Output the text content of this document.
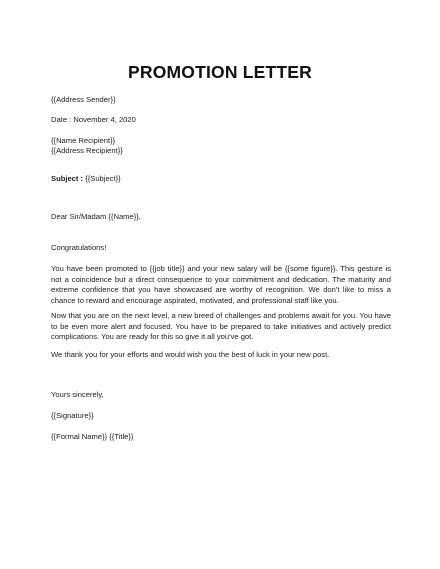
PROMOTION LETTER
{{Address Sender}}
Date : November 4, 2020
{{Name Recipient}}
{{Address Recipient}}
Subject : {{Subject}}
Dear Sir/Madam {{Name}},
Congratulations!
You have been promoted to {{job title}} and your new salary will be {{some figure}}. This gesture is not a coincidence but a direct consequence to your commitment and dedication. The maturity and extreme confidence that you have showcased are worthy of recognition. We don't like to miss a chance to reward and encourage aspirated, motivated, and professional staff like you.
Now that you are on the next level, a new breed of challenges and problems await for you. You have to be even more alert and focused. You have to be prepared to take initiatives and actively predict complications. You are ready for this so give it all you've got.
We thank you for your efforts and would wish you the best of luck in your new post.
Yours sincerely,
{{Signature}}
{{Formal Name}} {{Title}}
